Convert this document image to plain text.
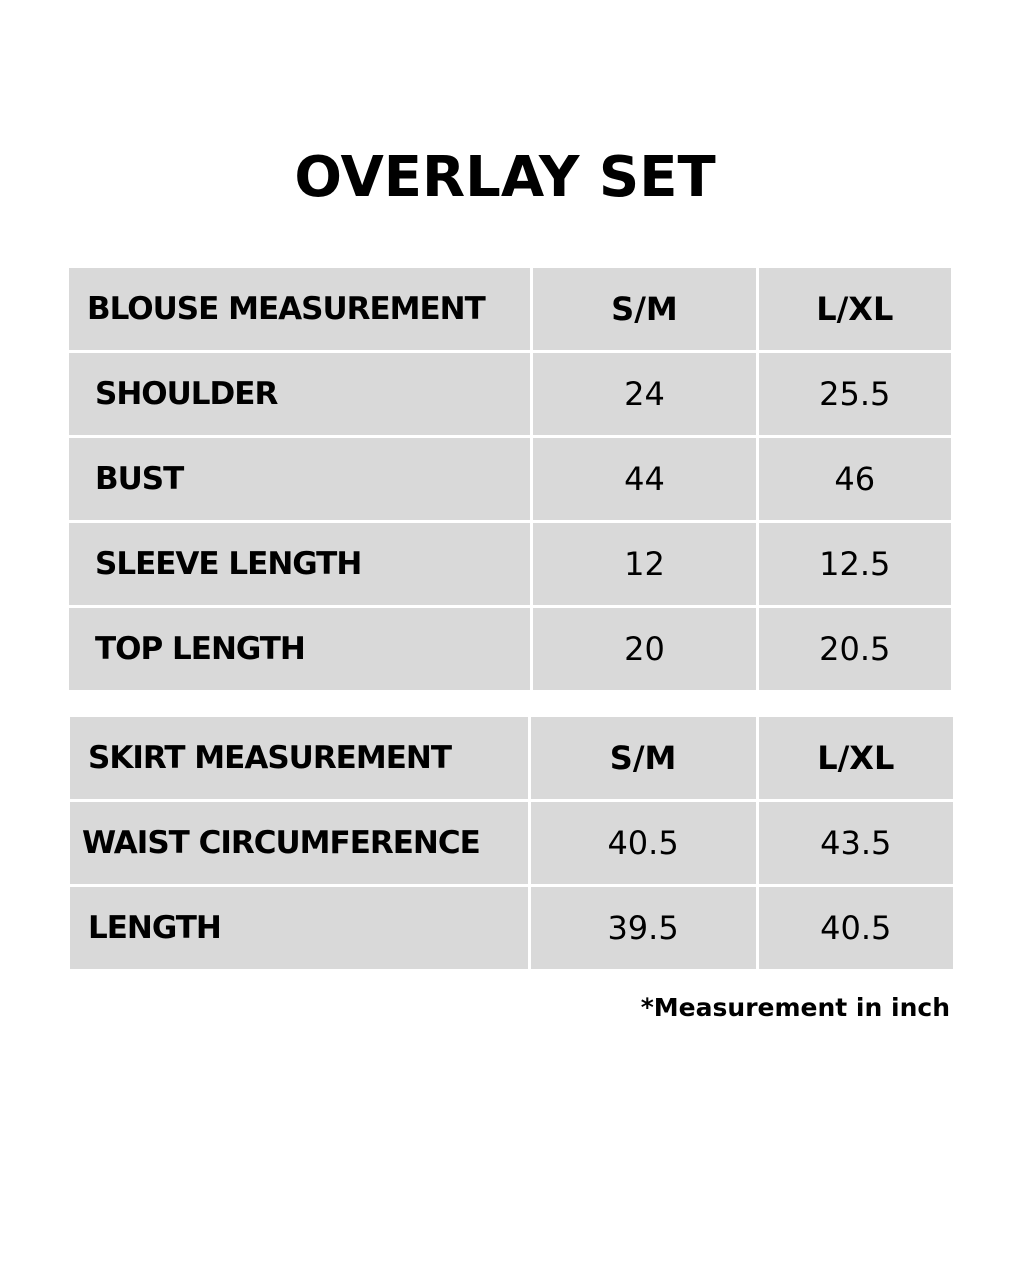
OVERLAY SET
BLOUSE MEASUREMENT	S/M	L/XL
SHOULDER	24	25.5
BUST	44	46
SLEEVE LENGTH	12	12.5
TOP LENGTH	20	20.5
SKIRT MEASUREMENT	S/M	L/XL
WAIST CIRCUMFERENCE	40.5	43.5
LENGTH	39.5	40.5
*Measurement in inch
